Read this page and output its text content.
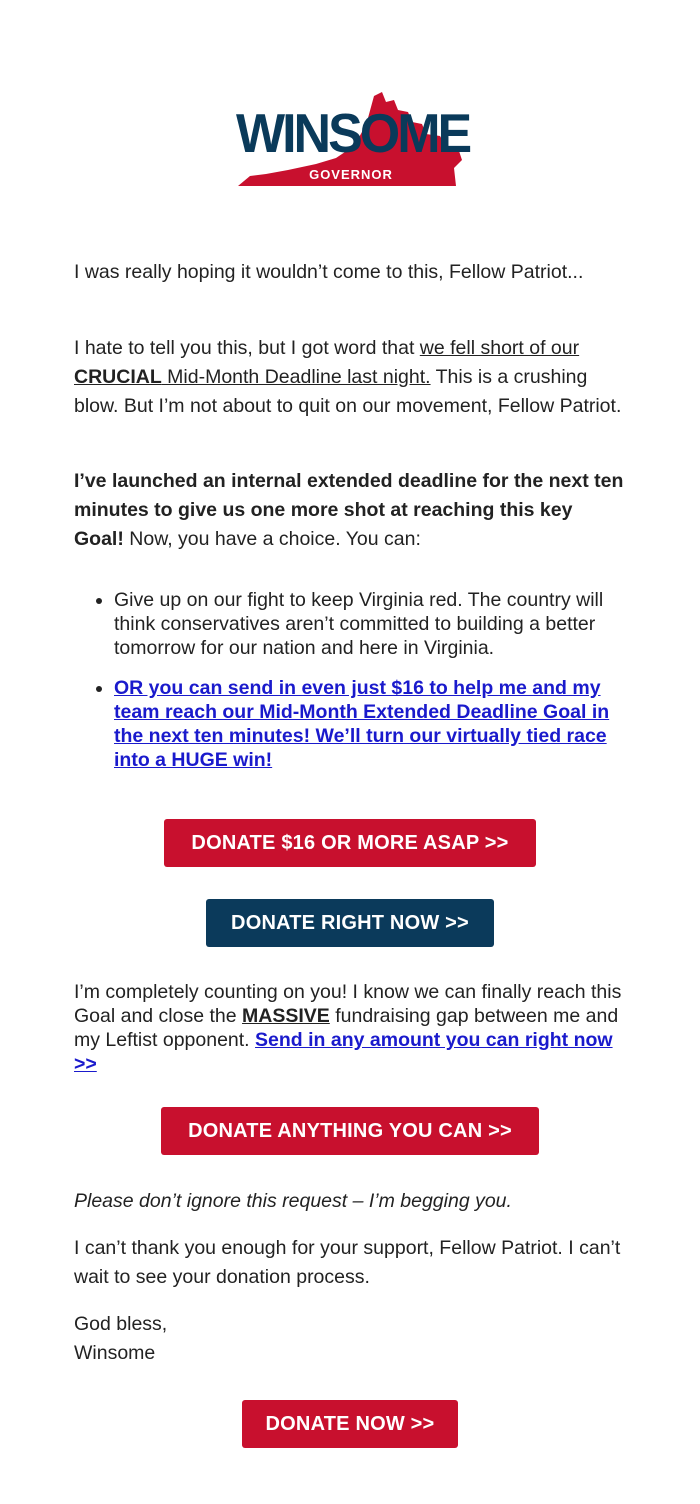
WINSOME
GOVERNOR

I was really hoping it wouldn’t come to this, Fellow Patriot...

I hate to tell you this, but I got word that we fell short of our CRUCIAL Mid-Month Deadline last night. This is a crushing blow. But I’m not about to quit on our movement, Fellow Patriot.

I’ve launched an internal extended deadline for the next ten minutes to give us one more shot at reaching this key Goal! Now, you have a choice. You can:

• Give up on our fight to keep Virginia red. The country will think conservatives aren’t committed to building a better tomorrow for our nation and here in Virginia.
• OR you can send in even just $16 to help me and my team reach our Mid-Month Extended Deadline Goal in the next ten minutes! We’ll turn our virtually tied race into a HUGE win!
DONATE $16 OR MORE ASAP >>
DONATE RIGHT NOW >>

I’m completely counting on you! I know we can finally reach this Goal and close the MASSIVE fundraising gap between me and my Leftist opponent. Send in any amount you can right now >>

DONATE ANYTHING YOU CAN >>

Please don’t ignore this request – I’m begging you.

I can’t thank you enough for your support, Fellow Patriot. I can’t wait to see your donation process.

God bless,
Winsome

DONATE NOW >>
